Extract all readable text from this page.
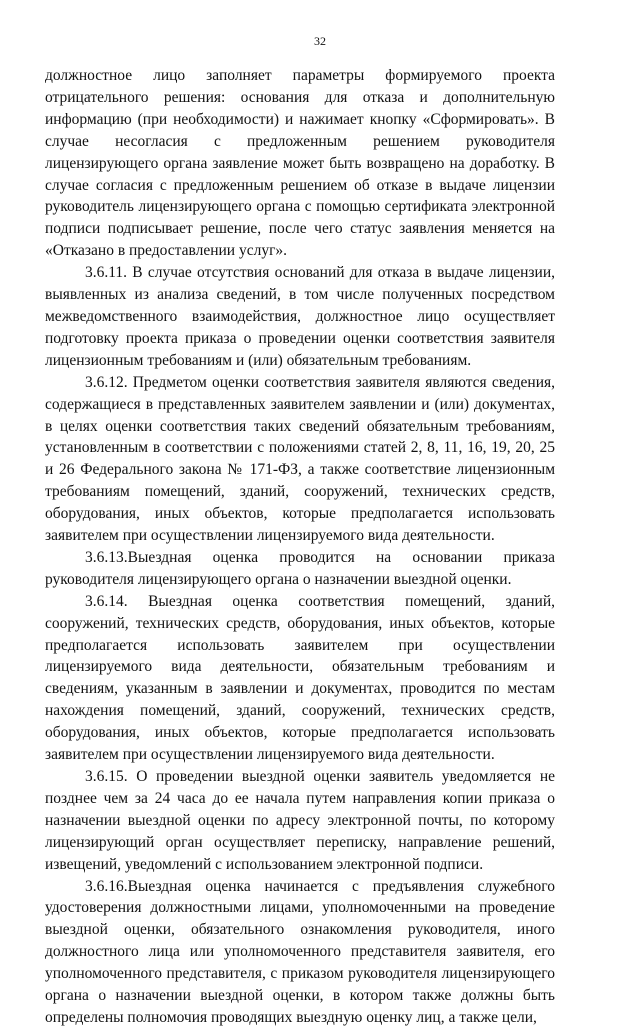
32

должностное лицо заполняет параметры формируемого проекта отрицательного решения: основания для отказа и дополнительную информацию (при необходимости) и нажимает кнопку «Сформировать». В случае несогласия с предложенным решением руководителя лицензирующего органа заявление может быть возвращено на доработку. В случае согласия с предложенным решением об отказе в выдаче лицензии руководитель лицензирующего органа с помощью сертификата электронной подписи подписывает решение, после чего статус заявления меняется на «Отказано в предоставлении услуг».

3.6.11. В случае отсутствия оснований для отказа в выдаче лицензии, выявленных из анализа сведений, в том числе полученных посредством межведомственного взаимодействия, должностное лицо осуществляет подготовку проекта приказа о проведении оценки соответствия заявителя лицензионным требованиям и (или) обязательным требованиям.

3.6.12. Предметом оценки соответствия заявителя являются сведения, содержащиеся в представленных заявителем заявлении и (или) документах, в целях оценки соответствия таких сведений обязательным требованиям, установленным в соответствии с положениями статей 2, 8, 11, 16, 19, 20, 25 и 26 Федерального закона № 171-ФЗ, а также соответствие лицензионным требованиям помещений, зданий, сооружений, технических средств, оборудования, иных объектов, которые предполагается использовать заявителем при осуществлении лицензируемого вида деятельности.

3.6.13.Выездная оценка проводится на основании приказа руководителя лицензирующего органа о назначении выездной оценки.

3.6.14. Выездная оценка соответствия помещений, зданий, сооружений, технических средств, оборудования, иных объектов, которые предполагается использовать заявителем при осуществлении лицензируемого вида деятельности, обязательным требованиям и сведениям, указанным в заявлении и документах, проводится по местам нахождения помещений, зданий, сооружений, технических средств, оборудования, иных объектов, которые предполагается использовать заявителем при осуществлении лицензируемого вида деятельности.

3.6.15. О проведении выездной оценки заявитель уведомляется не позднее чем за 24 часа до ее начала путем направления копии приказа о назначении выездной оценки по адресу электронной почты, по которому лицензирующий орган осуществляет переписку, направление решений, извещений, уведомлений с использованием электронной подписи.

3.6.16.Выездная оценка начинается с предъявления служебного удостоверения должностными лицами, уполномоченными на проведение выездной оценки, обязательного ознакомления руководителя, иного должностного лица или уполномоченного представителя заявителя, его уполномоченного представителя, с приказом руководителя лицензирующего органа о назначении выездной оценки, в котором также должны быть определены полномочия проводящих выездную оценку лиц, а также цели,
